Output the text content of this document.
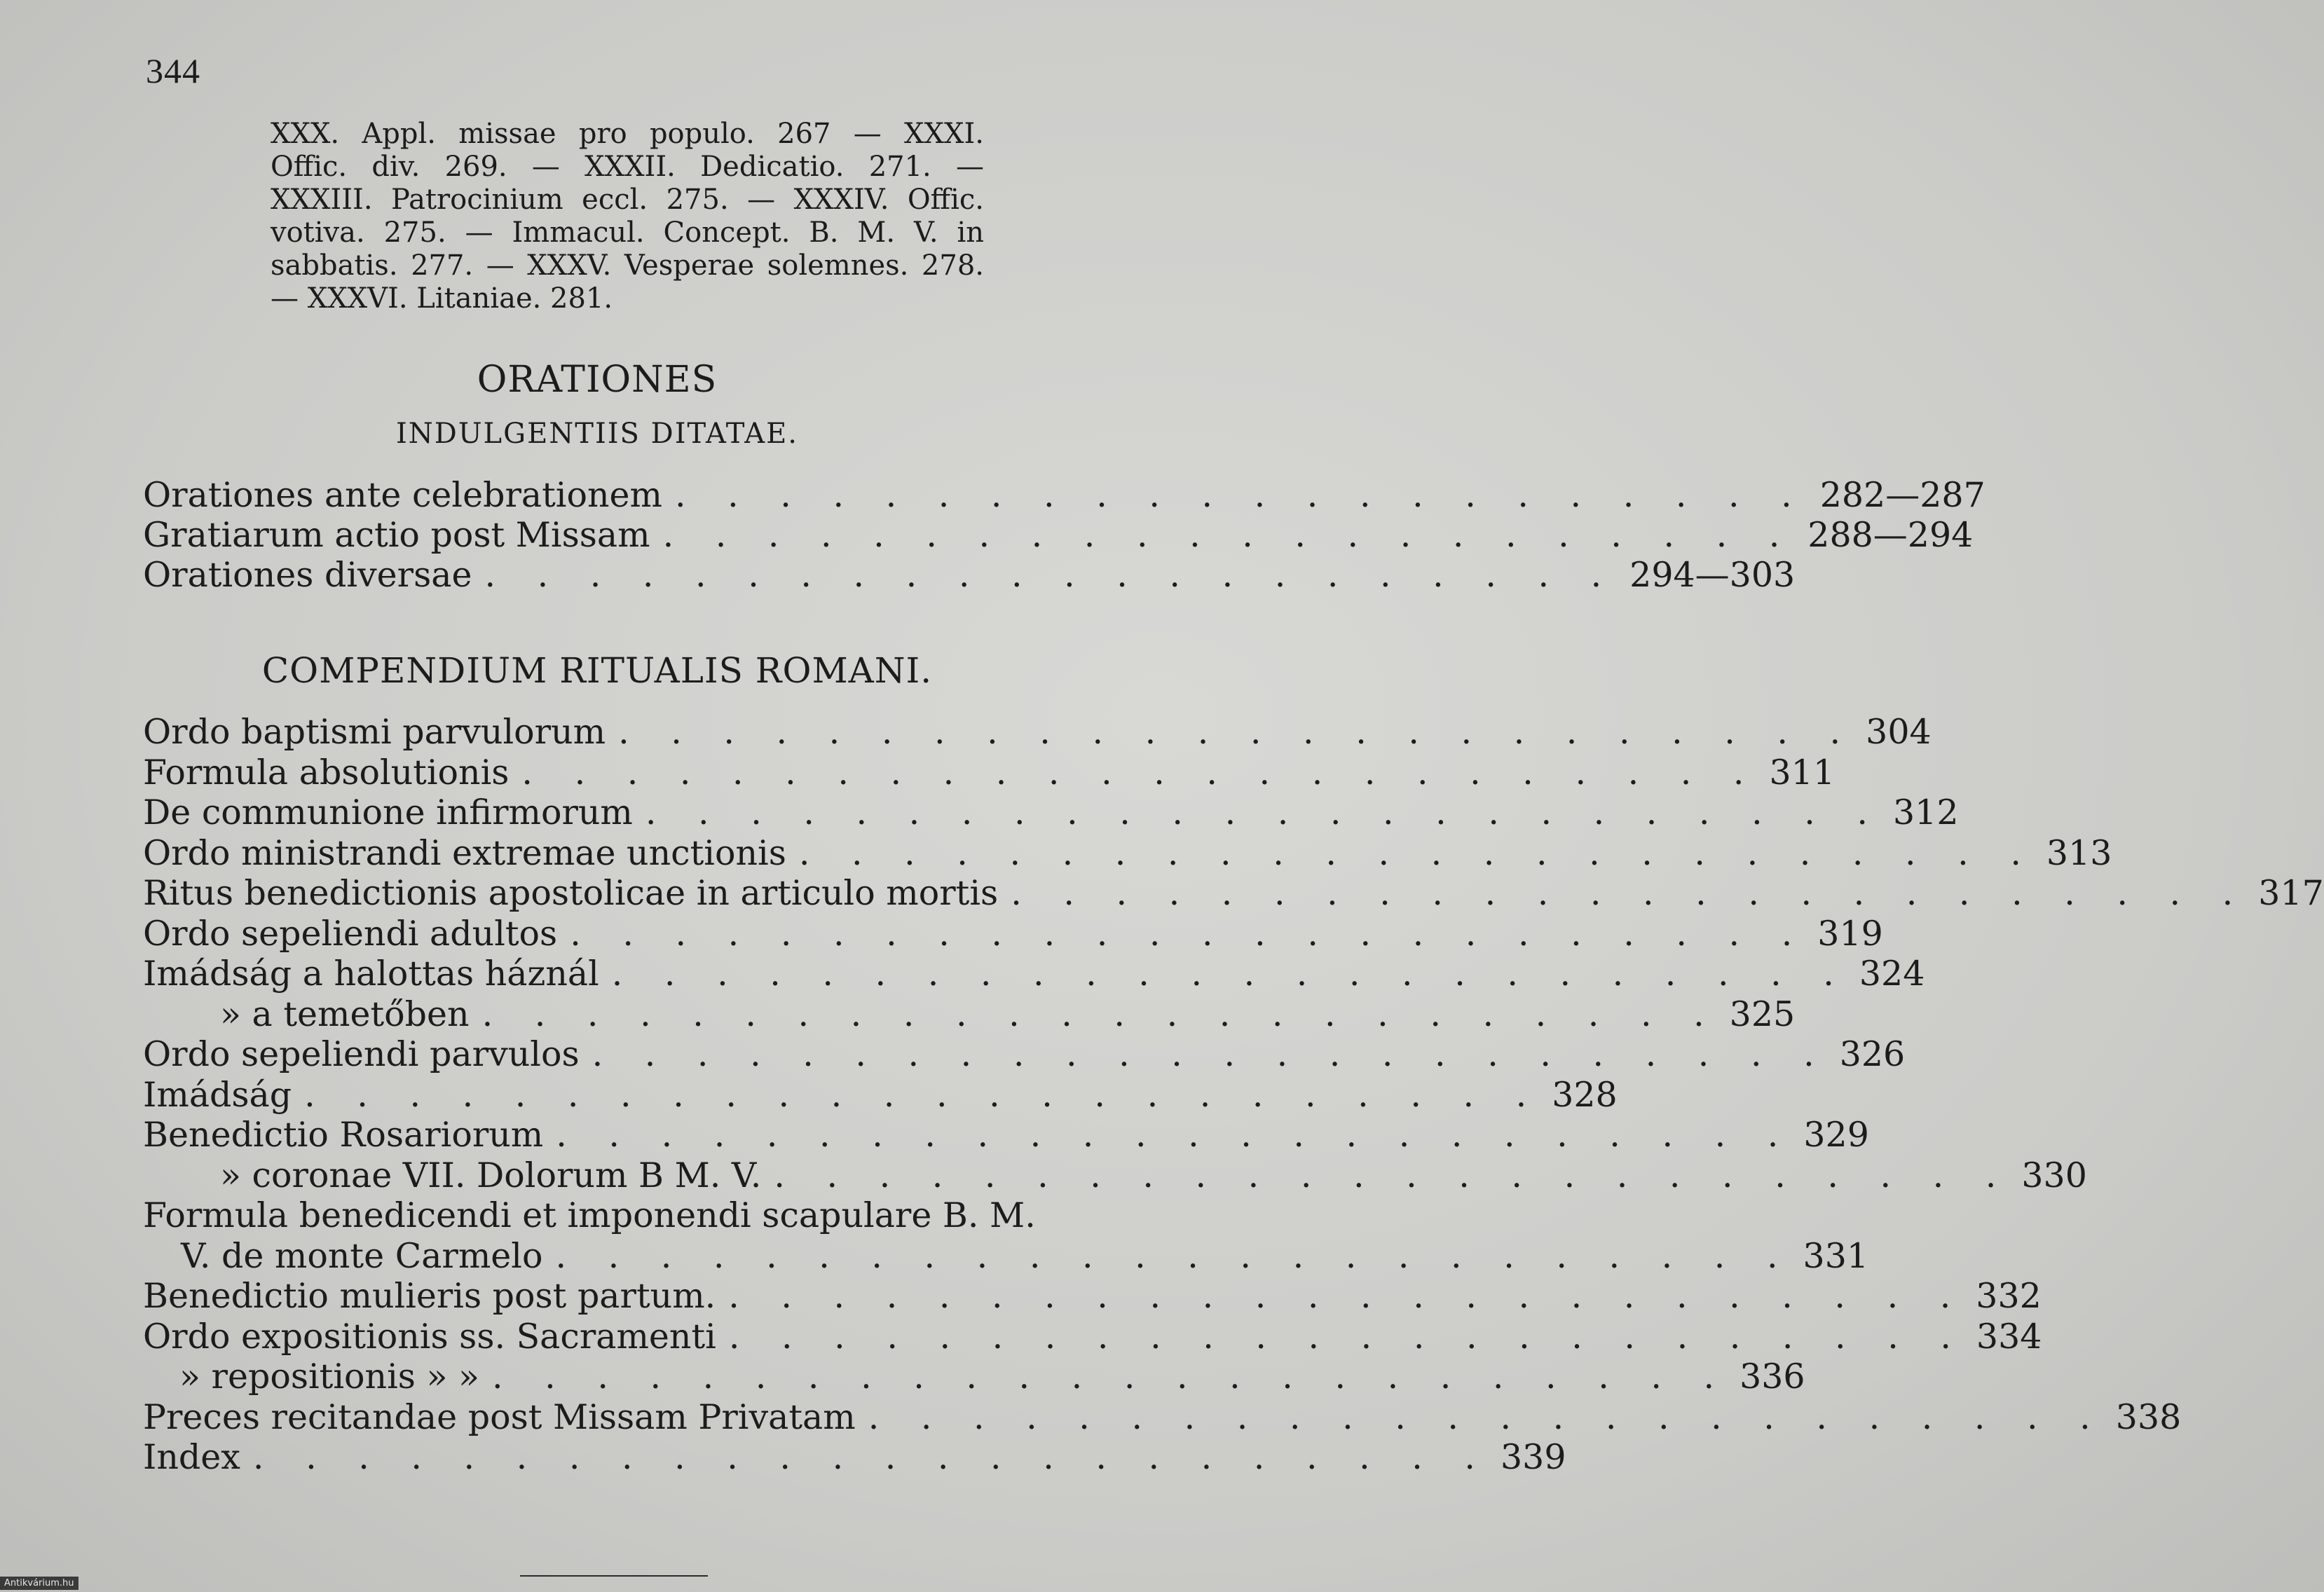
344
XXX. Appl. missae pro populo. 267 — XXXI.
Offic. div. 269. — XXXII. Dedicatio. 271. —
XXXIII. Patrocinium eccl. 275. — XXXIV. Offic.
votiva. 275. — Immacul. Concept. B. M. V. in
sabbatis. 277. — XXXV. Vesperae solemnes. 278.
— XXXVI. Litaniae. 281.
ORATIONES
INDULGENTIIS DITATAE.
Orationes ante celebrationem . . . . . . . . . . . . . . . . . . . . . . 282—287
Gratiarum actio post Missam . . . . . . . . . . . . . . . . . . . . . . 288—294
Orationes diversae . . . . . . . . . . . . . . . . . . . . . . 294—303
COMPENDIUM RITUALIS ROMANI.
Ordo baptismi parvulorum . . . . . . . . . . . . . . . . . . . . . . . . 304
Formula absolutionis . . . . . . . . . . . . . . . . . . . . . . . . 311
De communione infirmorum . . . . . . . . . . . . . . . . . . . . . . . . 312
Ordo ministrandi extremae unctionis . . . . . . . . . . . . . . . . . . . . . . . . 313
Ritus benedictionis apostolicae in articulo mortis . . . . . . . . . . . . . . . . . . . . . . . . 317
Ordo sepeliendi adultos . . . . . . . . . . . . . . . . . . . . . . . . 319
Imádság a halottas háznál . . . . . . . . . . . . . . . . . . . . . . . . 324
» a temetőben . . . . . . . . . . . . . . . . . . . . . . . . 325
Ordo sepeliendi parvulos . . . . . . . . . . . . . . . . . . . . . . . . 326
Imádság . . . . . . . . . . . . . . . . . . . . . . . . 328
Benedictio Rosariorum . . . . . . . . . . . . . . . . . . . . . . . . 329
» coronae VII. Dolorum B M. V. . . . . . . . . . . . . . . . . . . . . . . . . 330
Formula benedicendi et imponendi scapulare B. M.
V. de monte Carmelo . . . . . . . . . . . . . . . . . . . . . . . . 331
Benedictio mulieris post partum. . . . . . . . . . . . . . . . . . . . . . . . . 332
Ordo expositionis ss. Sacramenti . . . . . . . . . . . . . . . . . . . . . . . . 334
» repositionis » » . . . . . . . . . . . . . . . . . . . . . . . . 336
Preces recitandae post Missam Privatam . . . . . . . . . . . . . . . . . . . . . . . . 338
Index . . . . . . . . . . . . . . . . . . . . . . . . 339
Antikvárium.hu
